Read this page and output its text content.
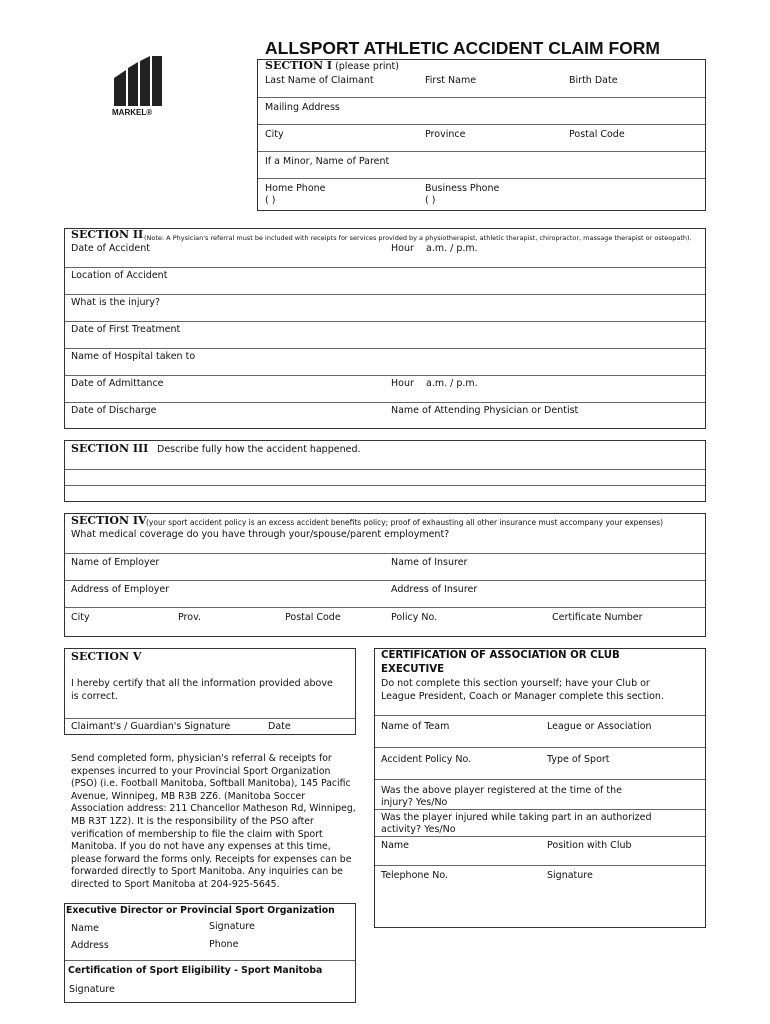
ALLSPORT ATHLETIC ACCIDENT CLAIM FORM
MARKEL®
SECTION I (please print)
Last Name of Claimant	First Name	Birth Date
Mailing Address
City	Province	Postal Code
If a Minor, Name of Parent
Home Phone
( )
Business Phone
( )
SECTION II (Note: A Physician's referral must be included with receipts for services provided by a physiotherapist, athletic therapist, chiropractor, massage therapist or osteopath).
Date of Accident	Hour a.m. / p.m.
Location of Accident
What is the injury?
Date of First Treatment
Name of Hospital taken to
Date of Admittance	Hour a.m. / p.m.
Date of Discharge	Name of Attending Physician or Dentist
SECTION III Describe fully how the accident happened.
SECTION IV (your sport accident policy is an excess accident benefits policy; proof of exhausting all other insurance must accompany your expenses)
What medical coverage do you have through your/spouse/parent employment?
Name of Employer	Name of Insurer
Address of Employer	Address of Insurer
City	Prov.	Postal Code	Policy No.	Certificate Number
SECTION V
I hereby certify that all the information provided above
is correct.
Claimant's / Guardian's Signature	Date
Send completed form, physician's referral & receipts for
expenses incurred to your Provincial Sport Organization
(PSO) (i.e. Football Manitoba, Softball Manitoba), 145 Pacific
Avenue, Winnipeg, MB R3B 2Z6. (Manitoba Soccer
Association address: 211 Chancellor Matheson Rd, Winnipeg,
MB R3T 1Z2). It is the responsibility of the PSO after
verification of membership to file the claim with Sport
Manitoba. If you do not have any expenses at this time,
please forward the forms only. Receipts for expenses can be
forwarded directly to Sport Manitoba. Any inquiries can be
directed to Sport Manitoba at 204-925-5645.
Executive Director or Provincial Sport Organization
Name	Signature
Address	Phone
Certification of Sport Eligibility - Sport Manitoba
Signature
CERTIFICATION OF ASSOCIATION OR CLUB
EXECUTIVE
Do not complete this section yourself; have your Club or
League President, Coach or Manager complete this section.
Name of Team	League or Association
Accident Policy No.	Type of Sport
Was the above player registered at the time of the
injury? Yes/No
Was the player injured while taking part in an authorized
activity? Yes/No
Name	Position with Club
Telephone No.	Signature
